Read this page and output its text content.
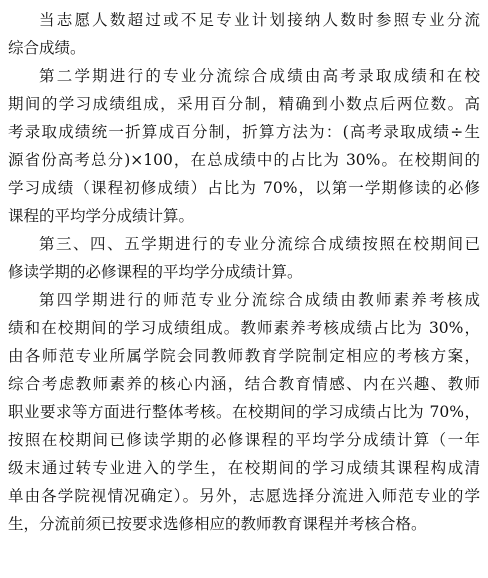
当志愿人数超过或不足专业计划接纳人数时参照专业分流
综合成绩。
第二学期进行的专业分流综合成绩由高考录取成绩和在校
期间的学习成绩组成，采用百分制，精确到小数点后两位数。高
考录取成绩统一折算成百分制，折算方法为：(高考录取成绩÷生
源省份高考总分)×100，在总成绩中的占比为 30%。在校期间的
学习成绩（课程初修成绩）占比为 70%，以第一学期修读的必修
课程的平均学分成绩计算。
第三、四、五学期进行的专业分流综合成绩按照在校期间已
修读学期的必修课程的平均学分成绩计算。
第四学期进行的师范专业分流综合成绩由教师素养考核成
绩和在校期间的学习成绩组成。教师素养考核成绩占比为 30%，
由各师范专业所属学院会同教师教育学院制定相应的考核方案，
综合考虑教师素养的核心内涵，结合教育情感、内在兴趣、教师
职业要求等方面进行整体考核。在校期间的学习成绩占比为 70%，
按照在校期间已修读学期的必修课程的平均学分成绩计算（一年
级末通过转专业进入的学生，在校期间的学习成绩其课程构成清
单由各学院视情况确定）。另外，志愿选择分流进入师范专业的学
生，分流前须已按要求选修相应的教师教育课程并考核合格。
